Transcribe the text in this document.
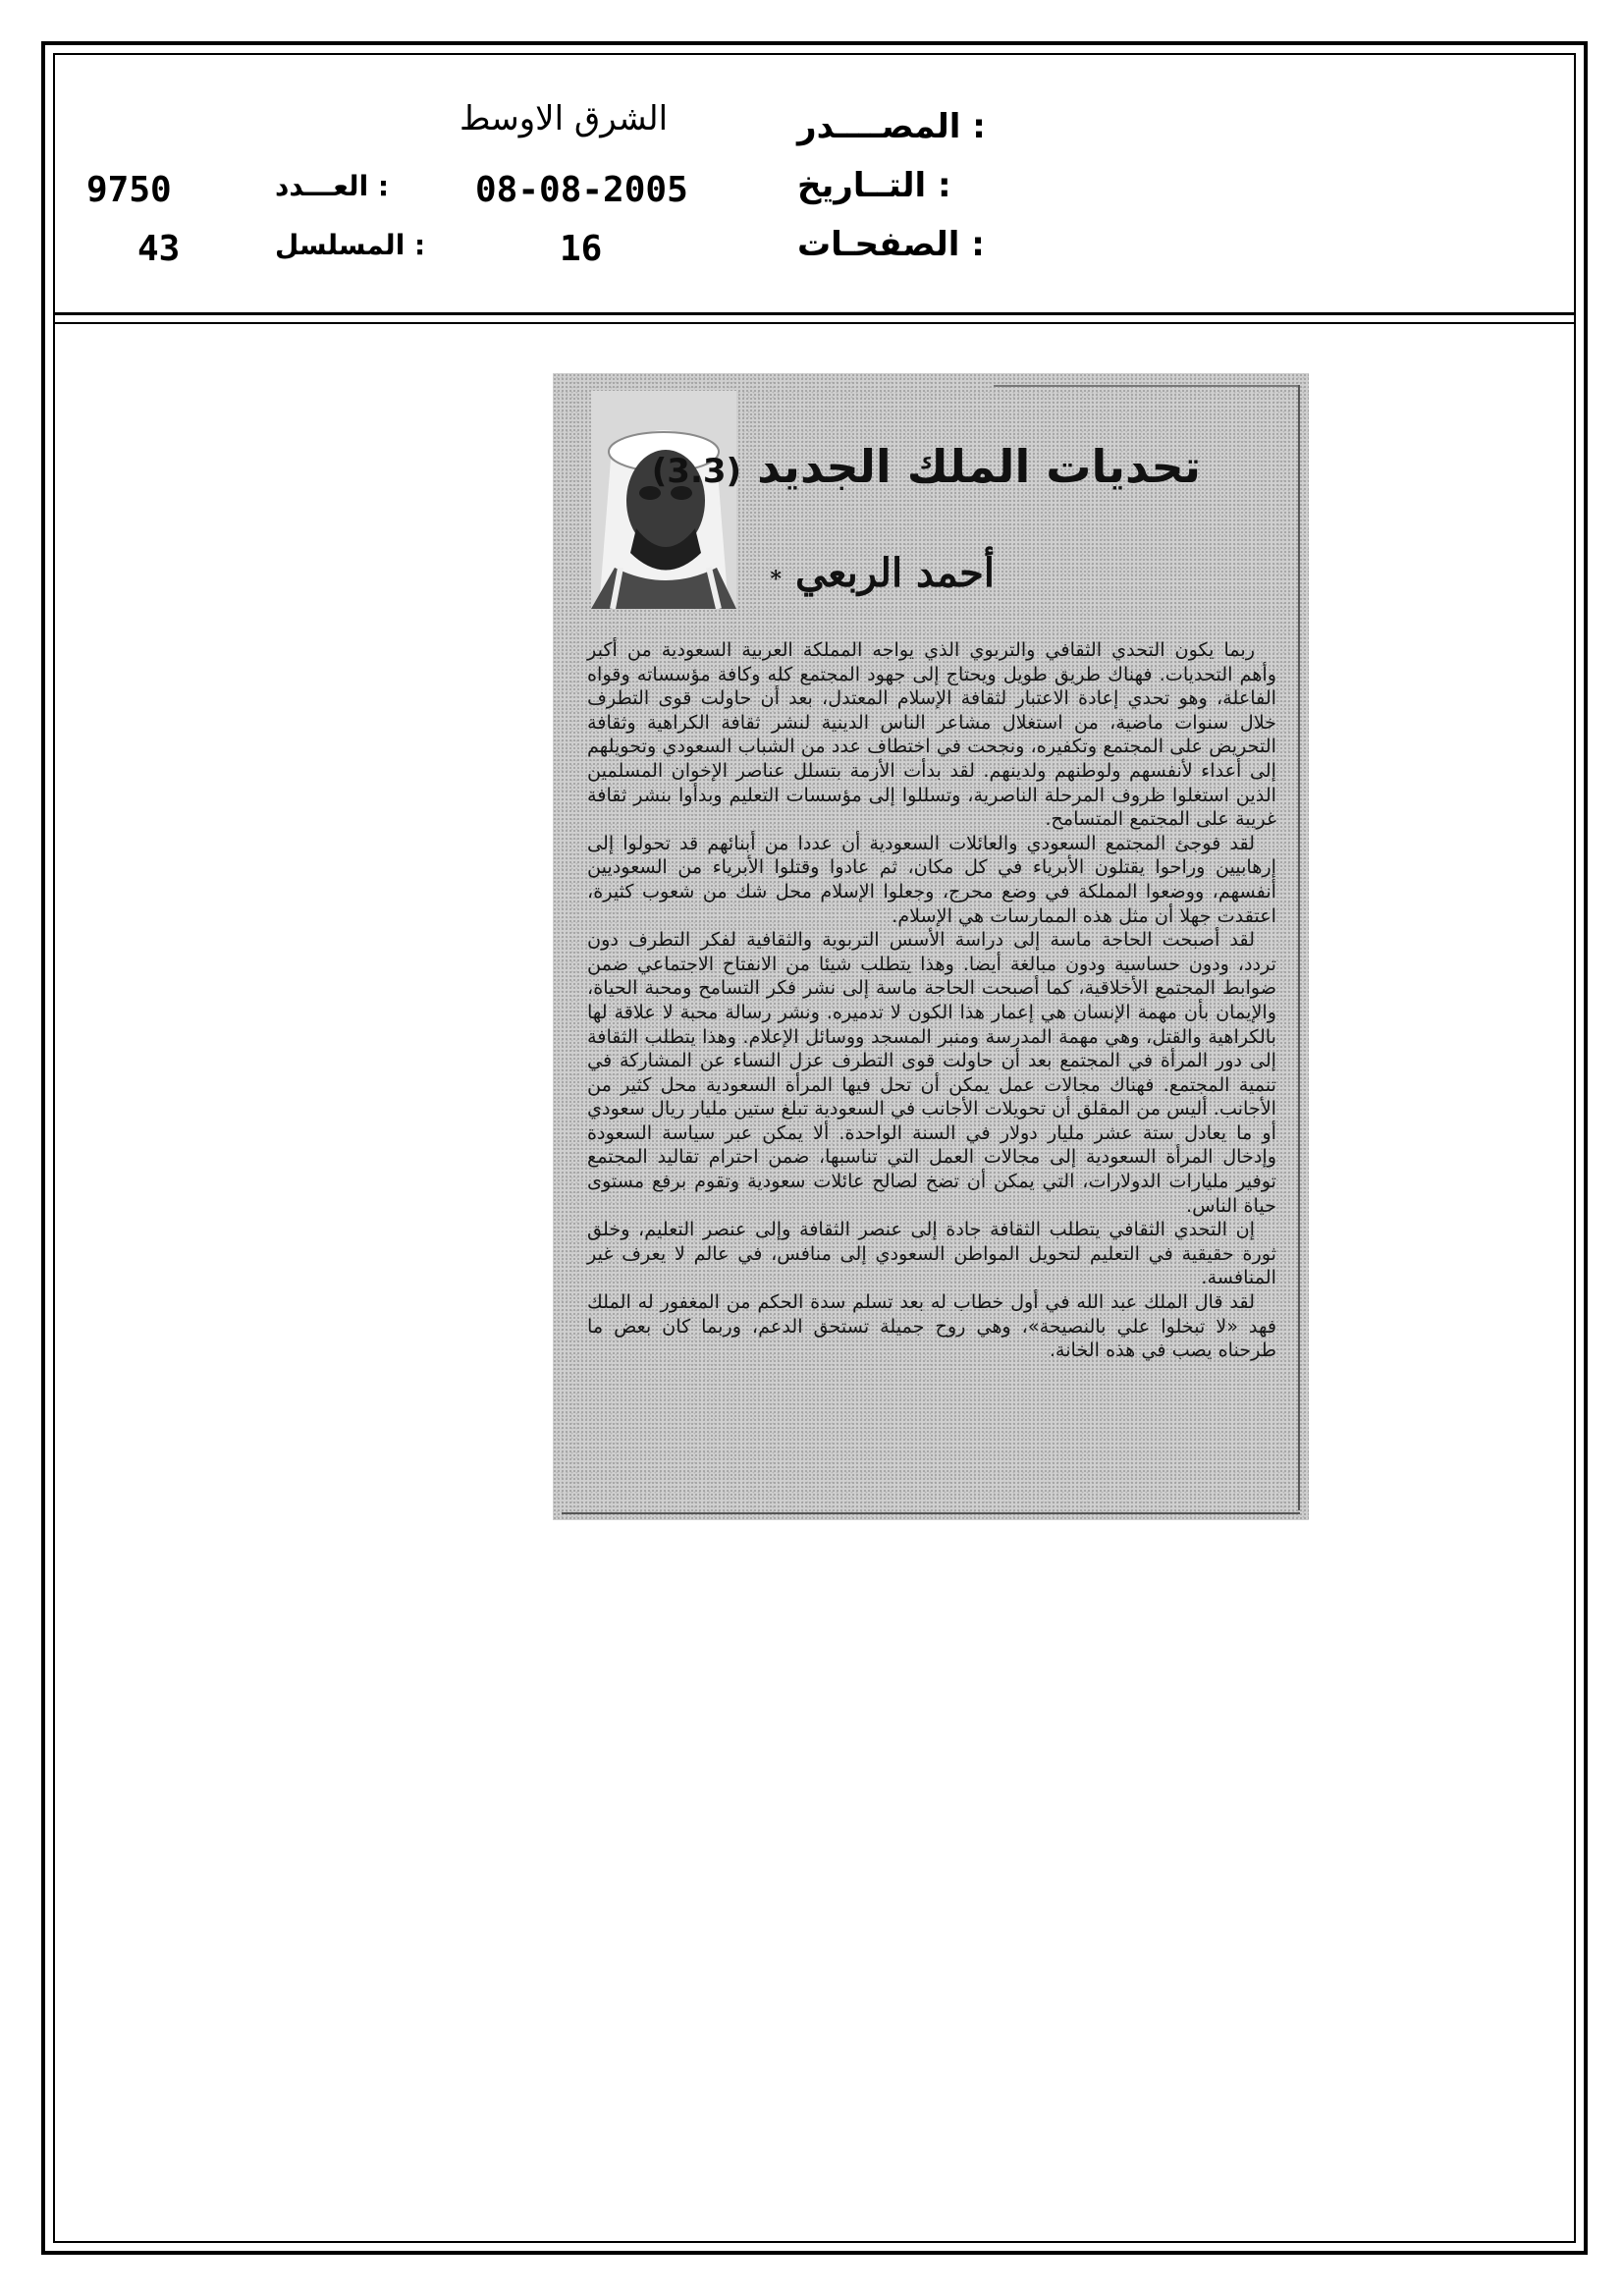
المصــــدر :
الشرق الاوسط
التــاريخ :
08-08-2005
العـــدد :
9750
الصفحـات :
16
المسلسل :
43
تحديات الملك الجديد (3.3)
أحمد الربعي *

ربما يكون التحدي الثقافي والتربوي الذي يواجه المملكة العربية السعودية من أكبر وأهم التحديات. فهناك طريق طويل ويحتاج إلى جهود المجتمع كله وكافة مؤسساته وقواه الفاعلة، وهو تحدي إعادة الاعتبار لثقافة الإسلام المعتدل، بعد أن حاولت قوى التطرف خلال سنوات ماضية، من استغلال مشاعر الناس الدينية لنشر ثقافة الكراهية وثقافة التحريض على المجتمع وتكفيره، ونجحت في اختطاف عدد من الشباب السعودي وتحويلهم إلى أعداء لأنفسهم ولوطنهم ولدينهم. لقد بدأت الأزمة بتسلل عناصر الإخوان المسلمين الذين استغلوا ظروف المرحلة الناصرية، وتسللوا إلى مؤسسات التعليم وبدأوا بنشر ثقافة غريبة على المجتمع المتسامح.

لقد فوجئ المجتمع السعودي والعائلات السعودية أن عددا من أبنائهم قد تحولوا إلى إرهابيين وراحوا يقتلون الأبرياء في كل مكان، ثم عادوا وقتلوا الأبرياء من السعوديين أنفسهم، ووضعوا المملكة في وضع محرج، وجعلوا الإسلام محل شك من شعوب كثيرة، اعتقدت جهلا أن مثل هذه الممارسات هي الإسلام.

لقد أصبحت الحاجة ماسة إلى دراسة الأسس التربوية والثقافية لفكر التطرف دون تردد، ودون حساسية ودون مبالغة أيضا. وهذا يتطلب شيئا من الانفتاح الاجتماعي ضمن ضوابط المجتمع الأخلاقية، كما أصبحت الحاجة ماسة إلى نشر فكر التسامح ومحبة الحياة، والإيمان بأن مهمة الإنسان هي إعمار هذا الكون لا تدميره. ونشر رسالة محبة لا علاقة لها بالكراهية والقتل، وهي مهمة المدرسة ومنبر المسجد ووسائل الإعلام. وهذا يتطلب الثقافة إلى دور المرأة في المجتمع بعد أن حاولت قوى التطرف عزل النساء عن المشاركة في تنمية المجتمع. فهناك مجالات عمل يمكن أن تحل فيها المرأة السعودية محل كثير من الأجانب. أليس من المقلق أن تحويلات الأجانب في السعودية تبلغ ستين مليار ريال سعودي أو ما يعادل ستة عشر مليار دولار في السنة الواحدة. ألا يمكن عبر سياسة السعودة وإدخال المرأة السعودية إلى مجالات العمل التي تناسبها، ضمن احترام تقاليد المجتمع توفير مليارات الدولارات، التي يمكن أن تضخ لصالح عائلات سعودية وتقوم برفع مستوى حياة الناس.

إن التحدي الثقافي يتطلب الثقافة جادة إلى عنصر الثقافة وإلى عنصر التعليم، وخلق ثورة حقيقية في التعليم لتحويل المواطن السعودي إلى منافس، في عالم لا يعرف غير المنافسة.

لقد قال الملك عبد الله في أول خطاب له بعد تسلم سدة الحكم من المغفور له الملك فهد «لا تبخلوا علي بالنصيحة»، وهي روح جميلة تستحق الدعم، وربما كان بعض ما طرحناه يصب في هذه الخانة.
